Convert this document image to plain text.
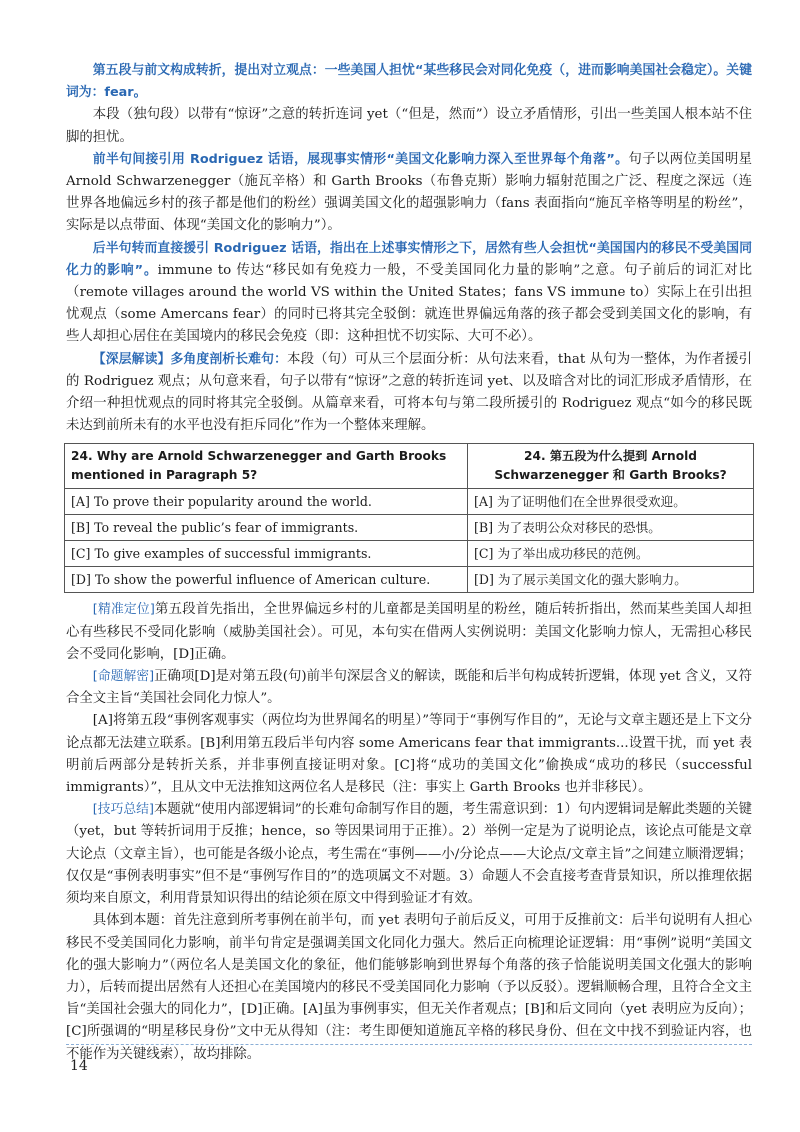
第五段与前文构成转折，提出对立观点：一些美国人担忧“某些移民会对同化免疫（，进而影响美国社会稳定）。关键词为：fear。

本段（独句段）以带有“惊讶”之意的转折连词 yet（“但是，然而”）设立矛盾情形，引出一些美国人根本站不住脚的担忧。

前半句间接引用 Rodriguez 话语，展现事实情形“美国文化影响力深入至世界每个角落”。句子以两位美国明星 Arnold Schwarzenegger（施瓦辛格）和 Garth Brooks（布鲁克斯）影响力辐射范围之广泛、程度之深远（连世界各地偏远乡村的孩子都是他们的粉丝）强调美国文化的超强影响力（fans 表面指向“施瓦辛格等明星的粉丝”，实际是以点带面、体现“美国文化的影响力”）。

后半句转而直接援引 Rodriguez 话语，指出在上述事实情形之下，居然有些人会担忧“美国国内的移民不受美国同化力的影响”。immune to 传达“移民如有免疫力一般，不受美国同化力量的影响”之意。句子前后的词汇对比（remote villages around the world VS within the United States；fans VS immune to）实际上在引出担忧观点（some Amercans fear）的同时已将其完全驳倒：就连世界偏远角落的孩子都会受到美国文化的影响，有些人却担心居住在美国境内的移民会免疫（即：这种担忧不切实际、大可不必）。

【深层解读】多角度剖析长难句：本段（句）可从三个层面分析：从句法来看，that 从句为一整体，为作者援引的 Rodriguez 观点；从句意来看，句子以带有“惊讶”之意的转折连词 yet、以及暗含对比的词汇形成矛盾情形，在介绍一种担忧观点的同时将其完全驳倒。从篇章来看，可将本句与第二段所援引的 Rodriguez 观点“如今的移民既未达到前所未有的水平也没有拒斥同化”作为一个整体来理解。

24. Why are Arnold Schwarzenegger and Garth Brooks mentioned in Paragraph 5?	24. 第五段为什么提到 Arnold Schwarzenegger 和 Garth Brooks?
[A] To prove their popularity around the world.	[A] 为了证明他们在全世界很受欢迎。
[B] To reveal the public’s fear of immigrants.	[B] 为了表明公众对移民的恐惧。
[C] To give examples of successful immigrants.	[C] 为了举出成功移民的范例。
[D] To show the powerful influence of American culture.	[D] 为了展示美国文化的强大影响力。

[精准定位]第五段首先指出，全世界偏远乡村的儿童都是美国明星的粉丝，随后转折指出，然而某些美国人却担心有些移民不受同化影响（威胁美国社会）。可见，本句实在借两人实例说明：美国文化影响力惊人，无需担心移民会不受同化影响，[D]正确。

[命题解密]正确项[D]是对第五段(句)前半句深层含义的解读，既能和后半句构成转折逻辑，体现 yet 含义，又符合全文主旨“美国社会同化力惊人”。

[A]将第五段“事例客观事实（两位均为世界闻名的明星）”等同于“事例写作目的”，无论与文章主题还是上下文分论点都无法建立联系。[B]利用第五段后半句内容 some Americans fear that immigrants...设置干扰，而 yet 表明前后两部分是转折关系，并非事例直接证明对象。[C]将“成功的美国文化”偷换成“成功的移民（successful immigrants）”，且从文中无法推知这两位名人是移民（注：事实上 Garth Brooks 也并非移民）。

[技巧总结]本题就“使用内部逻辑词”的长难句命制写作目的题，考生需意识到：1）句内逻辑词是解此类题的关键（yet，but 等转折词用于反推；hence，so 等因果词用于正推）。2）举例一定是为了说明论点，该论点可能是文章大论点（文章主旨），也可能是各级小论点，考生需在“事例——小/分论点——大论点/文章主旨”之间建立顺滑逻辑；仅仅是“事例表明事实”但不是“事例写作目的”的选项属文不对题。3）命题人不会直接考查背景知识，所以推理依据须均来自原文，利用背景知识得出的结论须在原文中得到验证才有效。

具体到本题：首先注意到所考事例在前半句，而 yet 表明句子前后反义，可用于反推前文：后半句说明有人担心移民不受美国同化力影响，前半句肯定是强调美国文化同化力强大。然后正向梳理论证逻辑：用“事例”说明“美国文化的强大影响力”（两位名人是美国文化的象征，他们能够影响到世界每个角落的孩子恰能说明美国文化强大的影响力），后转而提出居然有人还担心在美国境内的移民不受美国同化力影响（予以反驳）。逻辑顺畅合理，且符合全文主旨“美国社会强大的同化力”，[D]正确。[A]虽为事例事实，但无关作者观点；[B]和后文同向（yet 表明应为反向）；[C]所强调的“明星移民身份”文中无从得知（注：考生即便知道施瓦辛格的移民身份、但在文中找不到验证内容，也不能作为关键线索），故均排除。

14
